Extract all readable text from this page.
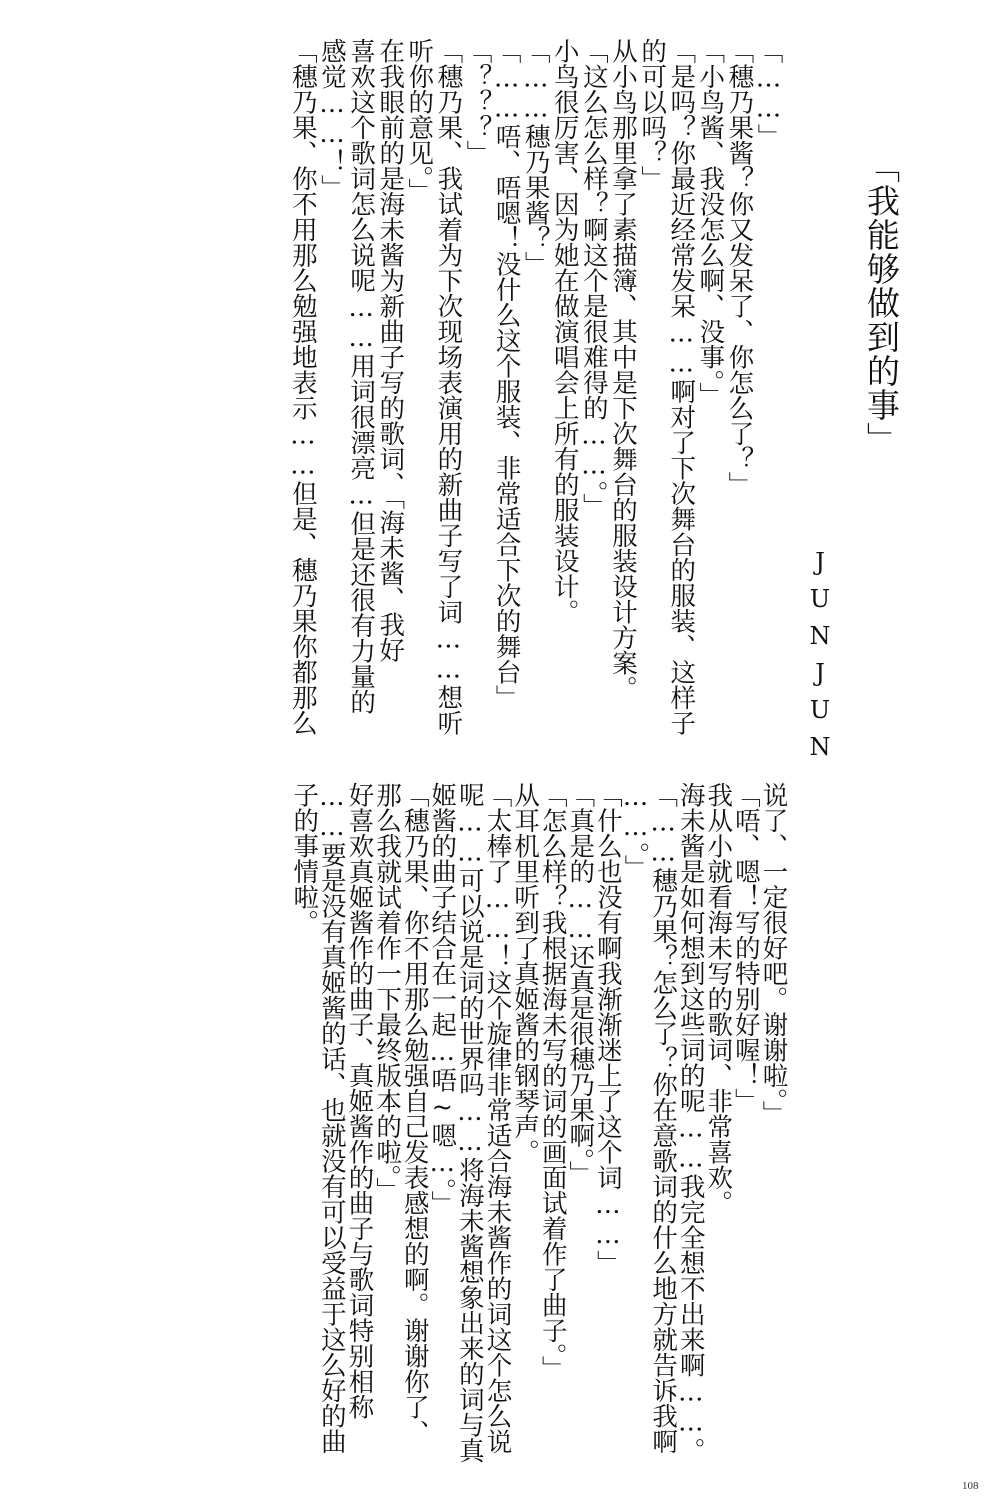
「我能够做到的事」
JUNJUN
「……」
「穗乃果酱？你又发呆了、你怎么了？」
「小鸟酱、我没怎么啊、没事。」
「是吗？你最近经常发呆……啊对了下次舞台的服装、这样子
的可以吗？」
从小鸟那里拿了素描簿、其中是下次舞台的服装设计方案。
「这么怎么样？啊这个是很难得的……。」
小鸟很厉害、因为她在做演唱会上所有的服装设计。
「……穗乃果酱？」
「……唔、唔嗯！没什么这个服装、非常适合下次的舞台」
「？？？」
「穗乃果、我试着为下次现场表演用的新曲子写了词……想听
听你的意见。」
在我眼前的是海未酱为新曲子写的歌词、「海未酱、我好
喜欢这个歌词怎么说呢……用词很漂亮…但是还很有力量的
感觉……！」
「穗乃果、你不用那么勉强地表示……但是、穗乃果你都那么
说了、一定很好吧。谢谢啦。」
「唔、嗯！写的特别好喔！」
我从小就看海未写的歌词、非常喜欢。
海未酱是如何想到这些词的呢……我完全想不出来啊……。
「……穗乃果？怎么了？你在意歌词的什么地方就告诉我啊
……。」
「什么也没有啊我渐渐迷上了这个词……」
「真是的……还真是很穗乃果啊。」
「怎么样？我根据海未写的词的画面试着作了曲子。」
从耳机里听到了真姬酱的钢琴声。
「太棒了……！这个旋律非常适合海未酱作的词这个怎么说
呢……可以说是词的世界吗……将海未酱想象出来的词与真
姬酱的曲子结合在一起…唔~嗯…。」
「穗乃果、你不用那么勉强自己发表感想的啊。谢谢你了、
那么我就试着作一下最终版本的啦。」
好喜欢真姬酱作的曲子、真姬酱作的曲子与歌词特别相称
……要是没有真姬酱的话、也就没有可以受益于这么好的曲
子的事情啦。
108
